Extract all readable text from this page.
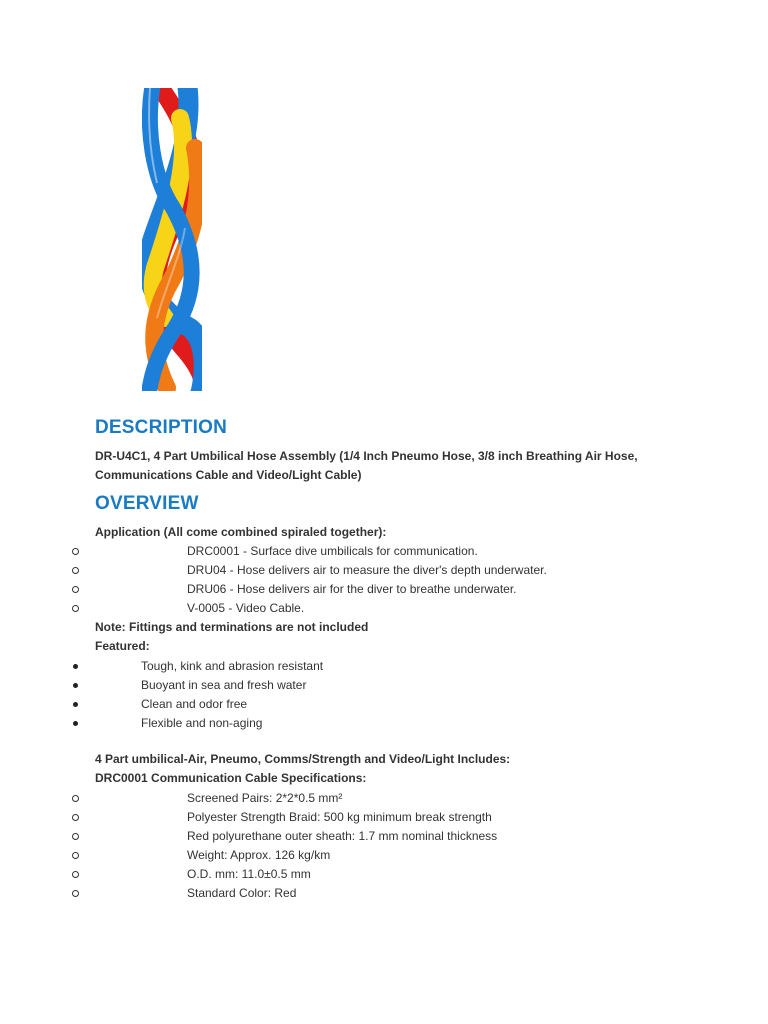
DESCRIPTION

DR-U4C1, 4 Part Umbilical Hose Assembly (1/4 Inch Pneumo Hose, 3/8 inch Breathing Air Hose,

Communications Cable and Video/Light Cable)

OVERVIEW

Application (All come combined spiraled together):

DRC0001 - Surface dive umbilicals for communication.
DRU04 - Hose delivers air to measure the diver's depth underwater.
DRU06 - Hose delivers air for the diver to breathe underwater.
V-0005 - Video Cable.

Note: Fittings and terminations are not included

Featured:

Tough, kink and abrasion resistant
Buoyant in sea and fresh water
Clean and odor free
Flexible and non-aging

4 Part umbilical-Air, Pneumo, Comms/Strength and Video/Light Includes:

DRC0001 Communication Cable Specifications:

Screened Pairs: 2*2*0.5 mm²
Polyester Strength Braid: 500 kg minimum break strength
Red polyurethane outer sheath: 1.7 mm nominal thickness
Weight: Approx. 126 kg/km
O.D. mm: 11.0±0.5 mm
Standard Color: Red
